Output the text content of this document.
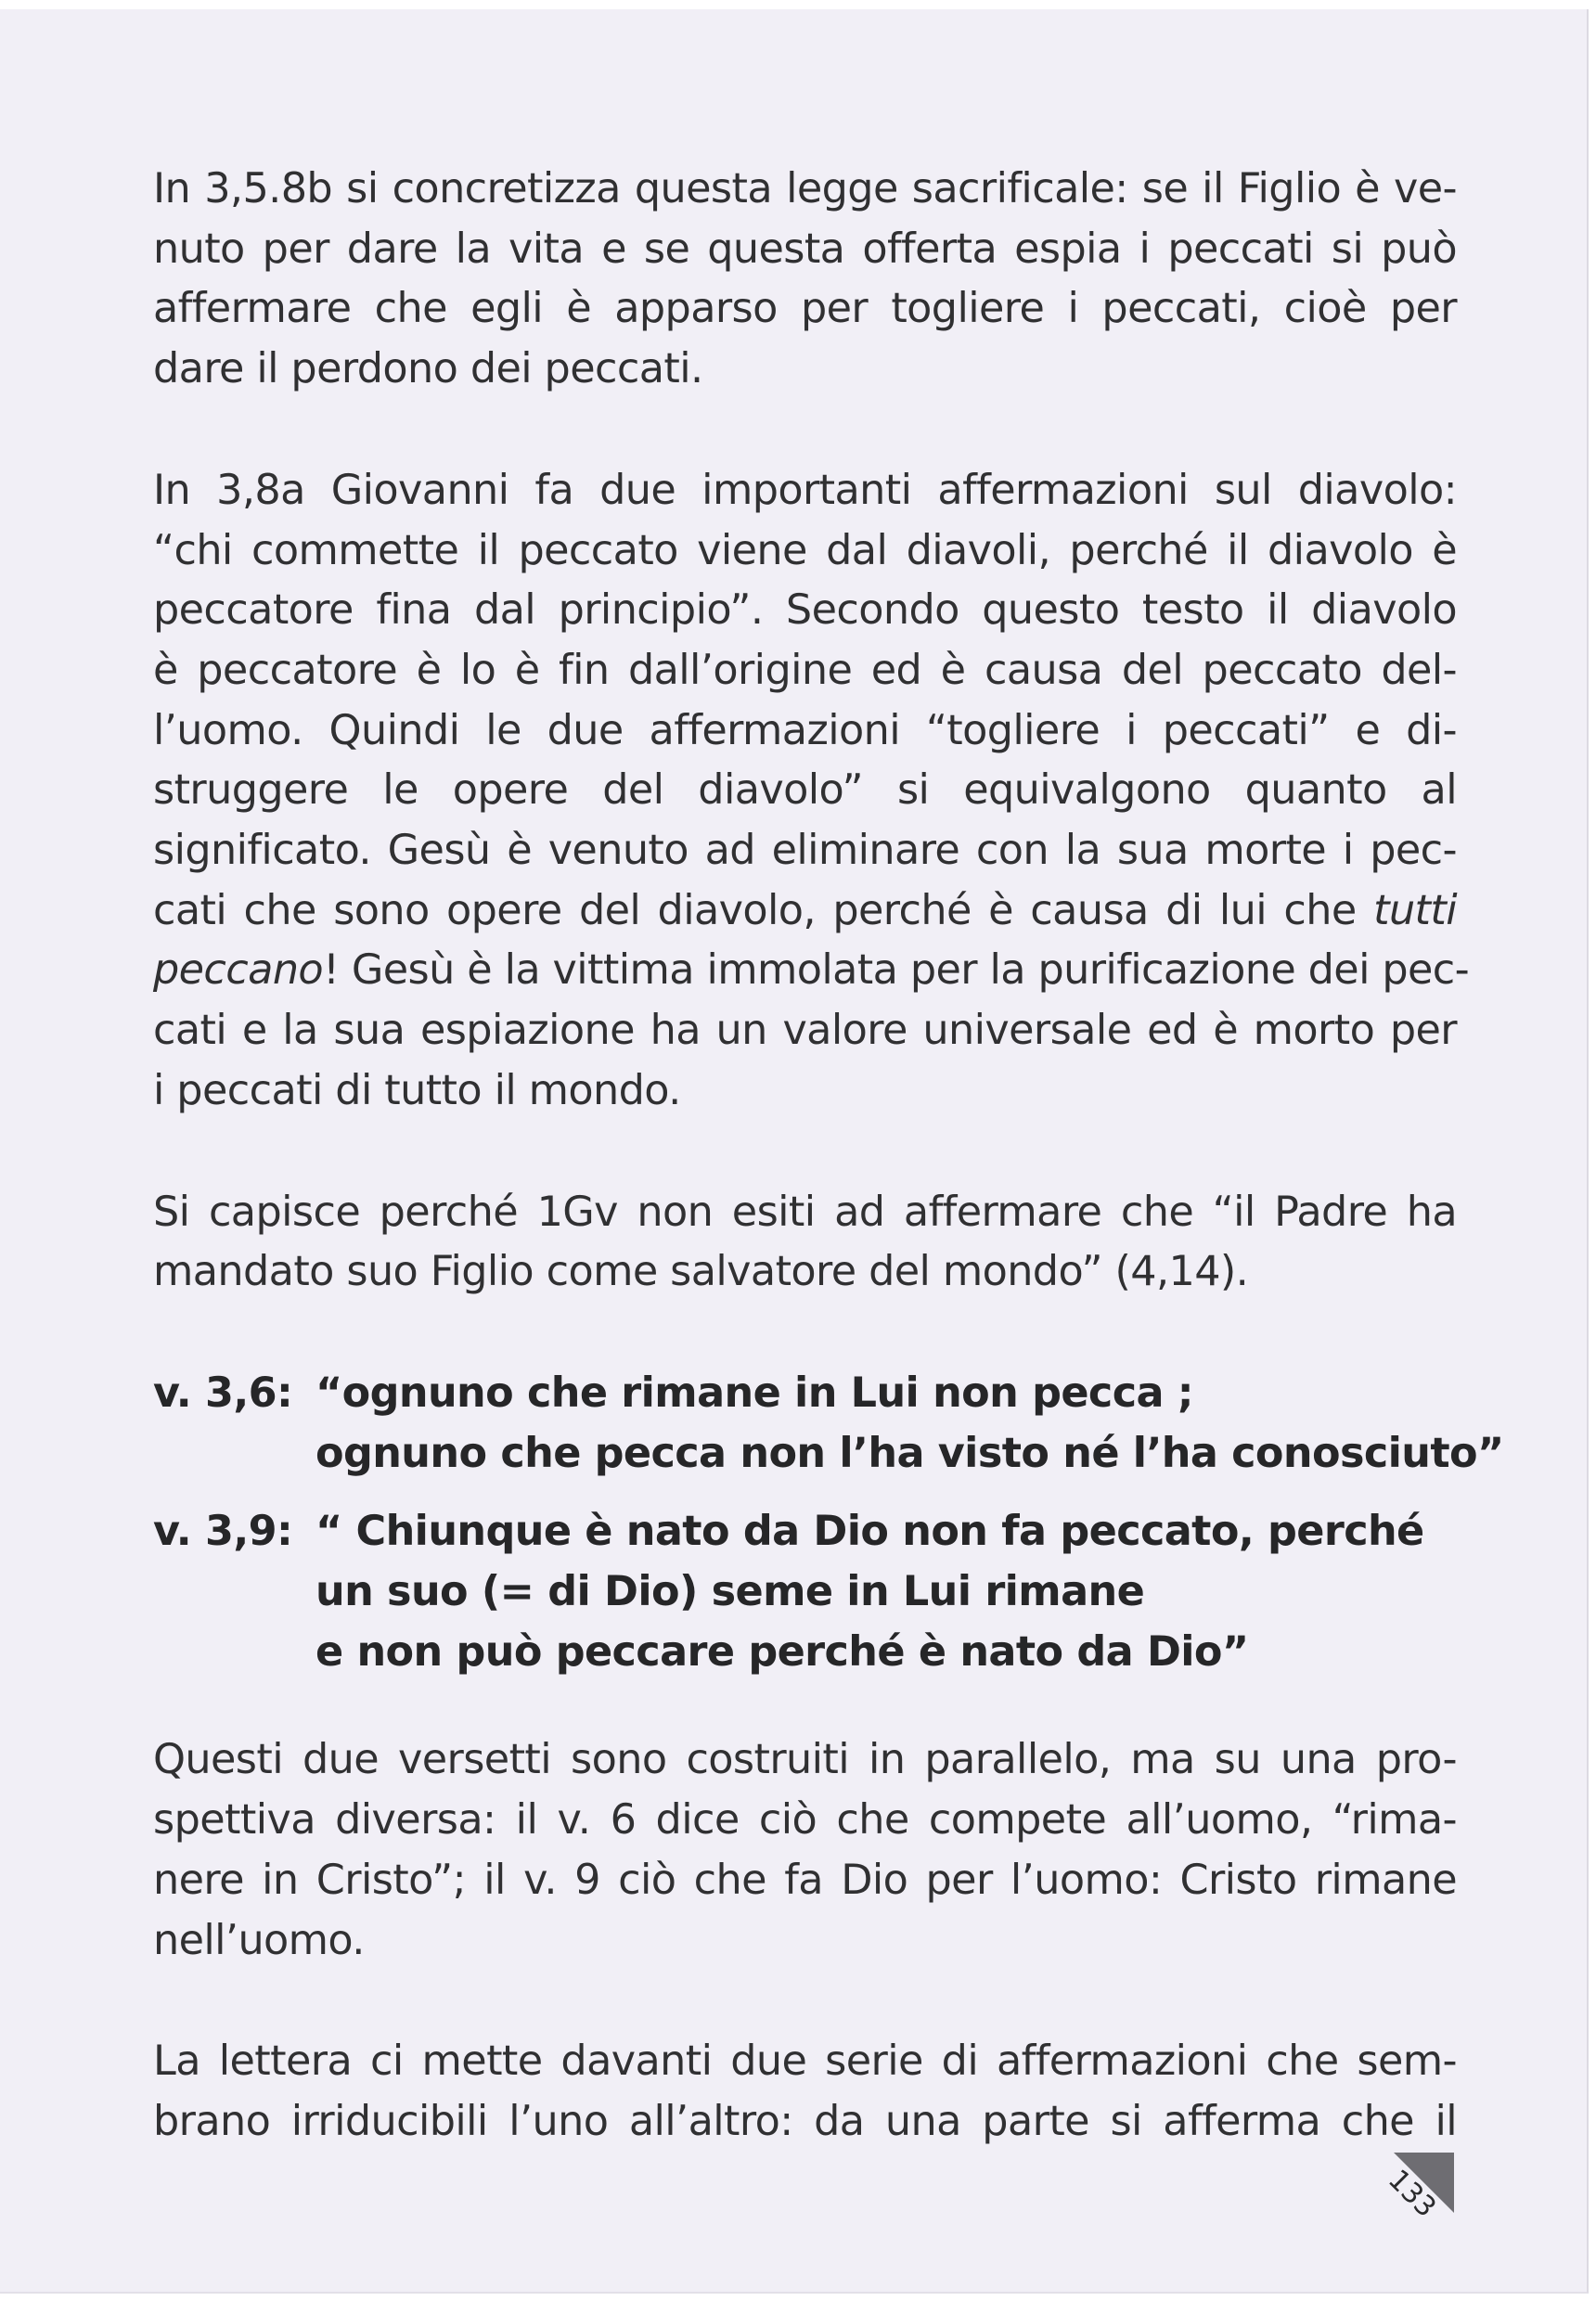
In 3,5.8b si concretizza questa legge sacrificale: se il Figlio è ve-
nuto per dare la vita e se questa offerta espia i peccati si può
affermare che egli è apparso per togliere i peccati, cioè per
dare il perdono dei peccati.

In 3,8a Giovanni fa due importanti affermazioni sul diavolo:
“chi commette il peccato viene dal diavoli, perché il diavolo è
peccatore fina dal principio”. Secondo questo testo il diavolo
è peccatore è lo è fin dall’origine ed è causa del peccato del-
l’uomo. Quindi le due affermazioni “togliere i peccati” e di-
struggere le opere del diavolo” si equivalgono quanto al
significato. Gesù è venuto ad eliminare con la sua morte i pec-
cati che sono opere del diavolo, perché è causa di lui che tutti
peccano! Gesù è la vittima immolata per la purificazione dei pec-
cati e la sua espiazione ha un valore universale ed è morto per
i peccati di tutto il mondo.

Si capisce perché 1Gv non esiti ad affermare che “il Padre ha
mandato suo Figlio come salvatore del mondo” (4,14).

v. 3,6: “ognuno che rimane in Lui non pecca ;
ognuno che pecca non l’ha visto né l’ha conosciuto”
v. 3,9: “ Chiunque è nato da Dio non fa peccato, perché
un suo (= di Dio) seme in Lui rimane
e non può peccare perché è nato da Dio”

Questi due versetti sono costruiti in parallelo, ma su una pro-
spettiva diversa: il v. 6 dice ciò che compete all’uomo, “rima-
nere in Cristo”; il v. 9 ciò che fa Dio per l’uomo: Cristo rimane
nell’uomo.

La lettera ci mette davanti due serie di affermazioni che sem-
brano irriducibili l’uno all’altro: da una parte si afferma che il

133
